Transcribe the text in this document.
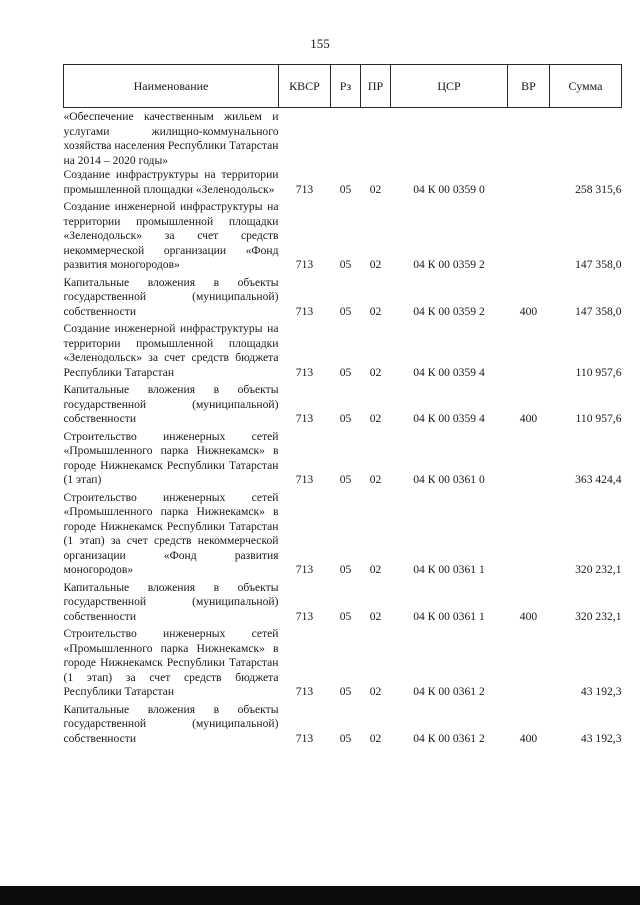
155
Наименование	КВСР	Рз	ПР	ЦСР	ВР	Сумма
«Обеспечение качественным жильем и услугами жилищно-коммунального хозяйства населения Республики Татарстан на 2014 – 2020 годы»						
Создание инфраструктуры на территории промышленной площадки «Зеленодольск»	713	05	02	04 К 00 0359 0		258 315,6
Создание инженерной инфраструктуры на территории промышленной площадки «Зеленодольск» за счет средств некоммерческой организации «Фонд развития моногородов»	713	05	02	04 К 00 0359 2		147 358,0
Капитальные вложения в объекты государственной (муниципальной) собственности	713	05	02	04 К 00 0359 2	400	147 358,0
Создание инженерной инфраструктуры на территории промышленной площадки «Зеленодольск» за счет средств бюджета Республики Татарстан	713	05	02	04 К 00 0359 4		110 957,6
Капитальные вложения в объекты государственной (муниципальной) собственности	713	05	02	04 К 00 0359 4	400	110 957,6
Строительство инженерных сетей «Промышленного парка Нижнекамск» в городе Нижнекамск Республики Татарстан (1 этап)	713	05	02	04 К 00 0361 0		363 424,4
Строительство инженерных сетей «Промышленного парка Нижнекамск» в городе Нижнекамск Республики Татарстан (1 этап) за счет средств некоммерческой организации «Фонд развития моногородов»	713	05	02	04 К 00 0361 1		320 232,1
Капитальные вложения в объекты государственной (муниципальной) собственности	713	05	02	04 К 00 0361 1	400	320 232,1
Строительство инженерных сетей «Промышленного парка Нижнекамск» в городе Нижнекамск Республики Татарстан (1 этап) за счет средств бюджета Республики Татарстан	713	05	02	04 К 00 0361 2		43 192,3
Капитальные вложения в объекты государственной (муниципальной) собственности	713	05	02	04 К 00 0361 2	400	43 192,3
